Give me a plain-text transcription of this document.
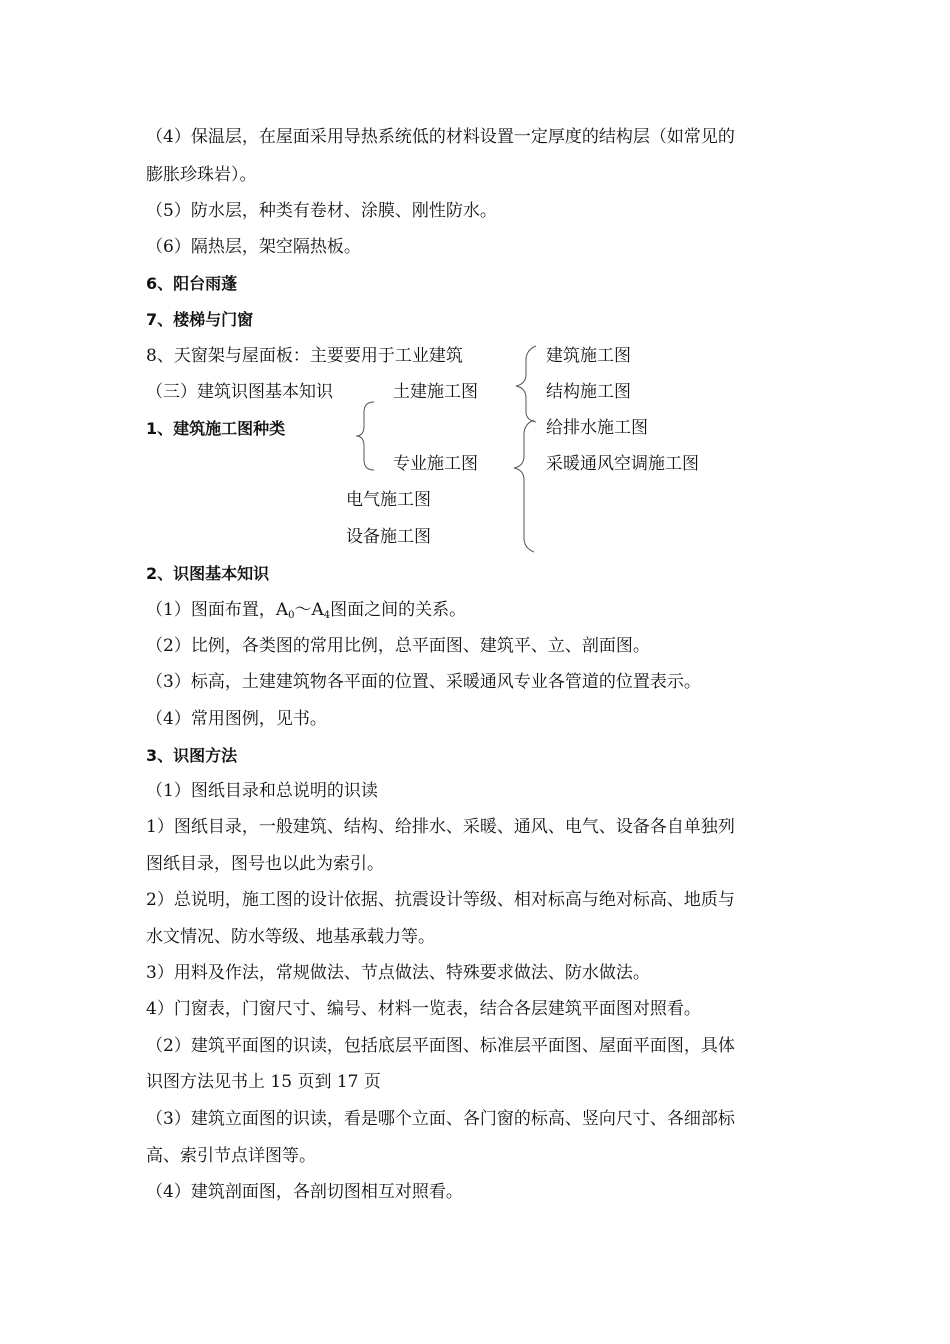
（4）保温层，在屋面采用导热系统低的材料设置一定厚度的结构层（如常见的
膨胀珍珠岩）。
（5）防水层，种类有卷材、涂膜、刚性防水。
（6）隔热层，架空隔热板。
6、阳台雨蓬
7、楼梯与门窗
8、天窗架与屋面板：主要要用于工业建筑
（三）建筑识图基本知识
1、建筑施工图种类
土建施工图
专业施工图
电气施工图
设备施工图
建筑施工图
结构施工图
给排水施工图
采暖通风空调施工图
2、识图基本知识
（1）图面布置，$A_0\sim A_4$图面之间的关系。
（2）比例，各类图的常用比例，总平面图、建筑平、立、剖面图。
（3）标高，土建建筑物各平面的位置、采暖通风专业各管道的位置表示。
（4）常用图例，见书。
3、识图方法
（1）图纸目录和总说明的识读
1）图纸目录，一般建筑、结构、给排水、采暖、通风、电气、设备各自单独列
图纸目录，图号也以此为索引。
2）总说明，施工图的设计依据、抗震设计等级、相对标高与绝对标高、地质与
水文情况、防水等级、地基承载力等。
3）用料及作法，常规做法、节点做法、特殊要求做法、防水做法。
4）门窗表，门窗尺寸、编号、材料一览表，结合各层建筑平面图对照看。
（2）建筑平面图的识读，包括底层平面图、标准层平面图、屋面平面图，具体
识图方法见书上 15 页到 17 页
（3）建筑立面图的识读，看是哪个立面、各门窗的标高、竖向尺寸、各细部标
高、索引节点详图等。
（4）建筑剖面图，各剖切图相互对照看。
